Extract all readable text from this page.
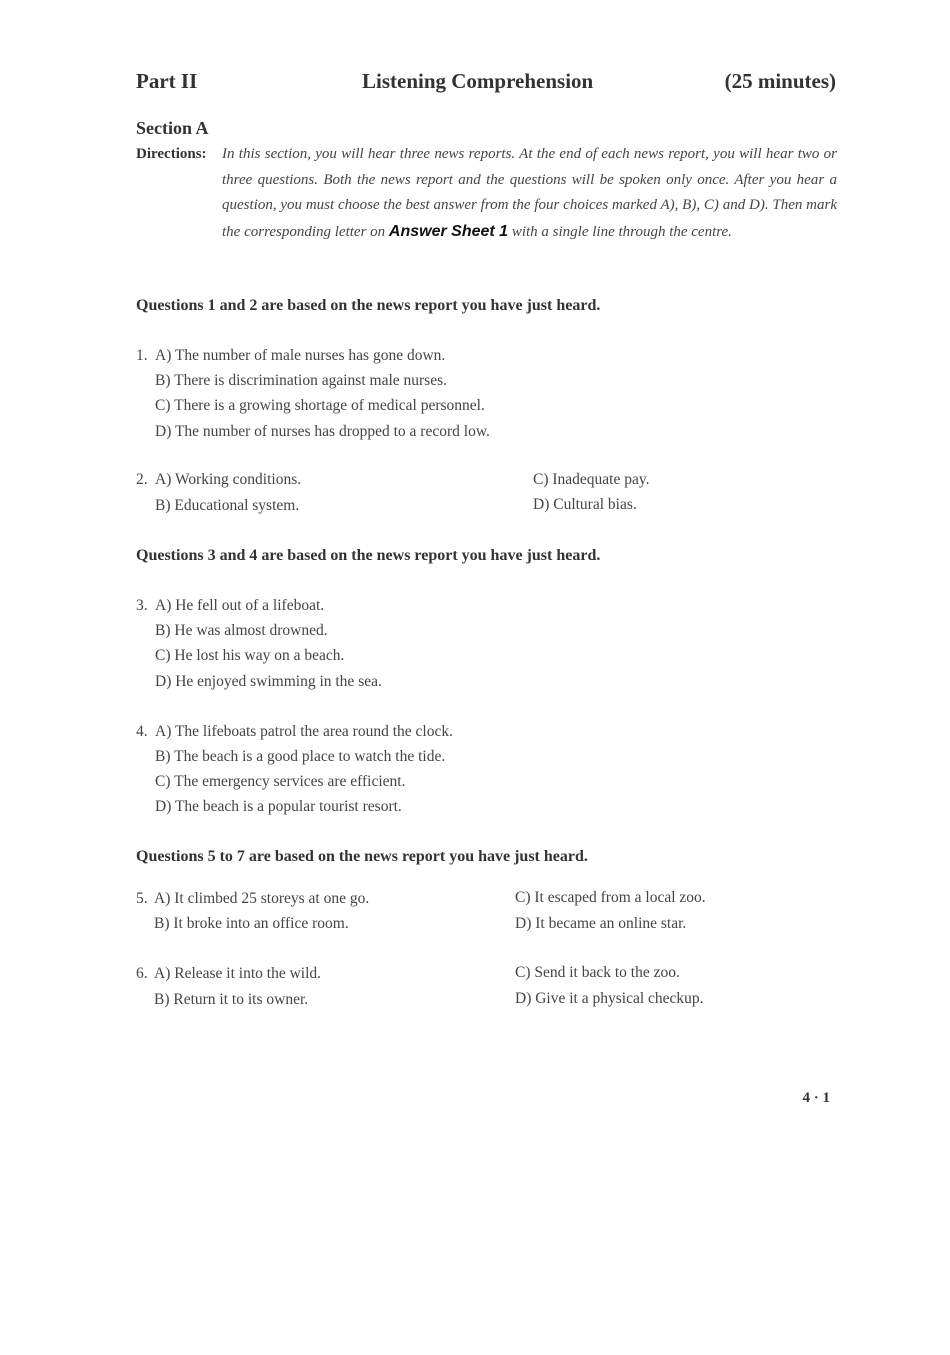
Part II	Listening Comprehension	(25 minutes)
Section A
Directions: In this section, you will hear three news reports. At the end of each news report, you will hear two or three questions. Both the news report and the questions will be spoken only once. After you hear a question, you must choose the best answer from the four choices marked A), B), C) and D). Then mark the corresponding letter on Answer Sheet 1 with a single line through the centre.
Questions 1 and 2 are based on the news report you have just heard.
1. A) The number of male nurses has gone down.
B) There is discrimination against male nurses.
C) There is a growing shortage of medical personnel.
D) The number of nurses has dropped to a record low.
2. A) Working conditions.
B) Educational system.
C) Inadequate pay.
D) Cultural bias.
Questions 3 and 4 are based on the news report you have just heard.
3. A) He fell out of a lifeboat.
B) He was almost drowned.
C) He lost his way on a beach.
D) He enjoyed swimming in the sea.
4. A) The lifeboats patrol the area round the clock.
B) The beach is a good place to watch the tide.
C) The emergency services are efficient.
D) The beach is a popular tourist resort.
Questions 5 to 7 are based on the news report you have just heard.
5. A) It climbed 25 storeys at one go.
B) It broke into an office room.
C) It escaped from a local zoo.
D) It became an online star.
6. A) Release it into the wild.
B) Return it to its owner.
C) Send it back to the zoo.
D) Give it a physical checkup.
4 · 1
